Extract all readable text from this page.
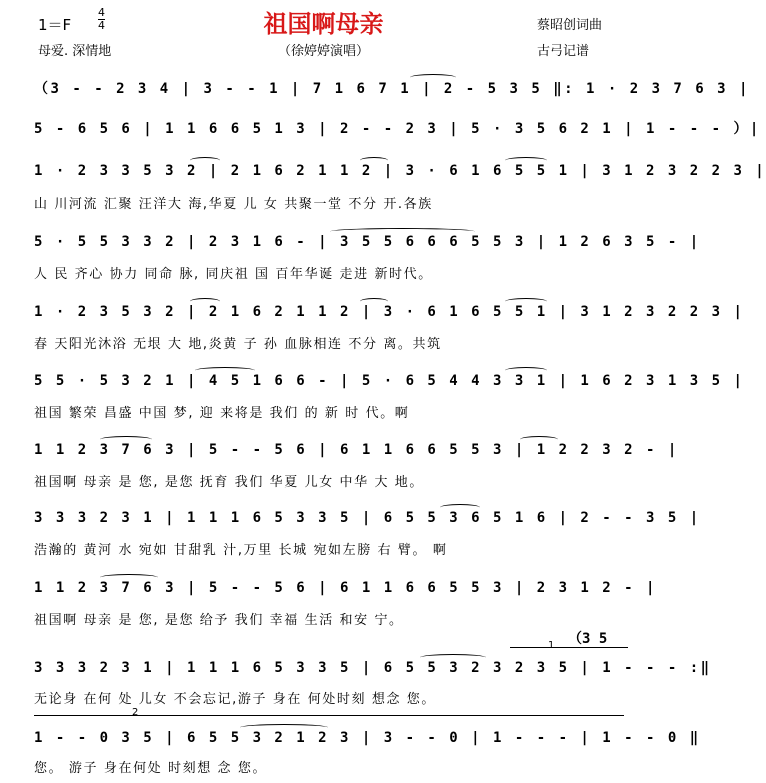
祖国啊母亲
1＝F
4
4
母爱. 深情地	（徐婷婷演唱）
蔡昭创词曲
古弓记谱
（3 - - 2 3 4 | 3 - - 1 | 7 1 6 7 1 | 2 - 5 3 5 ‖: 1 · 2 3 7 6 3 |
5 - 6 5 6 | 1 1 6 6 5 1 3 | 2 - - 2 3 | 5 · 3 5 6 2 1 | 1 - - - ）|
1 · 2 3 3 5 3 2 | 2 1 6 2 1 1 2 | 3 · 6 1 6 5 5 1 | 3 1 2 3 2 2 3 |
山 川河流 汇聚 汪洋大 海,华夏 儿 女 共聚一堂 不分 开.各族
5 · 5 5 3 3 2 | 2 3 1 6 - | 3 5 5 6 6 6 5 5 3 | 1 2 6 3 5 - |
人 民 齐心 协力 同命 脉, 同庆祖 国 百年华诞 走进 新时代。
1 · 2 3 5 3 2 | 2 1 6 2 1 1 2 | 3 · 6 1 6 5 5 1 | 3 1 2 3 2 2 3 |
春 天阳光沐浴 无垠 大 地,炎黄 子 孙 血脉相连 不分 离。共筑
5 5 · 5 3 2 1 | 4 5 1 6 6 - | 5 · 6 5 4 4 3 3 1 | 1 6 2 3 1 3 5 |
祖国 繁荣 昌盛 中国 梦, 迎 来将是 我们 的 新 时 代。啊
1 1 2 3 7 6 3 | 5 - - 5 6 | 6 1 1 6 6 5 5 3 | 1 2 2 3 2 - |
祖国啊 母亲 是 您, 是您 抚育 我们 华夏 儿女 中华 大 地。
3 3 3 2 3 1 | 1 1 1 6 5 3 3 5 | 6 5 5 3 6 5 1 6 | 2 - - 3 5 |
浩瀚的 黄河 水 宛如 甘甜乳 汁,万里 长城 宛如左膀 右 臂。 啊
1 1 2 3 7 6 3 | 5 - - 5 6 | 6 1 1 6 6 5 5 3 | 2 3 1 2 - |
祖国啊 母亲 是 您, 是您 给予 我们 幸福 生活 和安 宁。
（3 5
1
3 3 3 2 3 1 | 1 1 1 6 5 3 3 5 | 6 5 5 3 2 3 2 3 5 | 1 - - - :‖
无论身 在何 处 儿女 不会忘记,游子 身在 何处时刻 想念 您。
2
1 - - 0 3 5 | 6 5 5 3 2 1 2 3 | 3 - - 0 | 1 - - - | 1 - - 0 ‖
您。 游子 身在何处 时刻想 念 您。
